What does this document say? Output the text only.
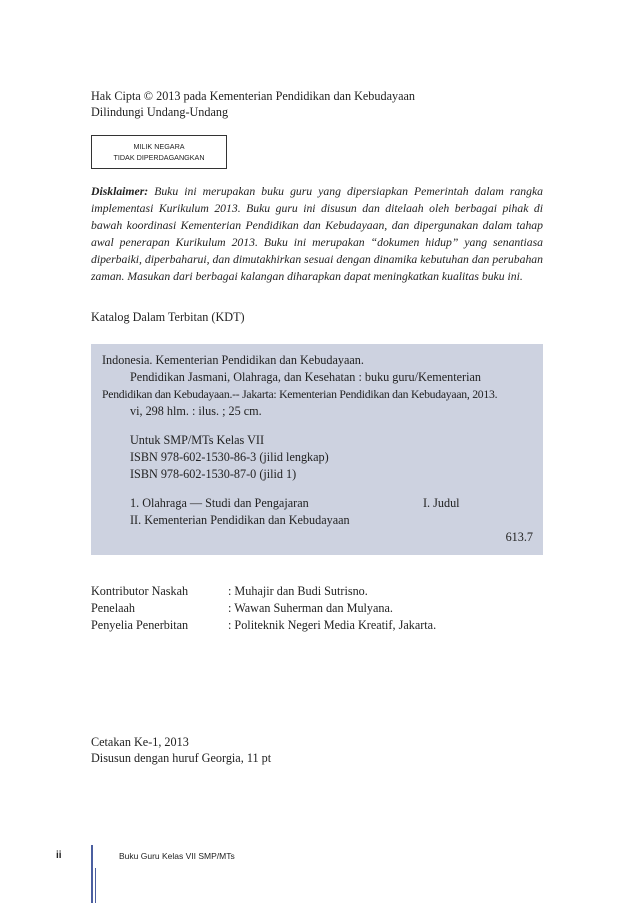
Hak Cipta © 2013 pada Kementerian Pendidikan dan Kebudayaan
Dilindungi Undang-Undang
MILIK NEGARA
TIDAK DIPERDAGANGKAN
Disklaimer: Buku ini merupakan buku guru yang dipersiapkan Pemerintah dalam rangka implementasi Kurikulum 2013. Buku guru ini disusun dan ditelaah oleh berbagai pihak di bawah koordinasi Kementerian Pendidikan dan Kebudayaan, dan dipergunakan dalam tahap awal penerapan Kurikulum 2013. Buku ini merupakan “dokumen hidup” yang senantiasa diperbaiki, diperbaharui, dan dimutakhirkan sesuai dengan dinamika kebutuhan dan perubahan zaman. Masukan dari berbagai kalangan diharapkan dapat meningkatkan kualitas buku ini.
Katalog Dalam Terbitan (KDT)
Indonesia. Kementerian Pendidikan dan Kebudayaan.
Pendidikan Jasmani, Olahraga, dan Kesehatan : buku guru/Kementerian
Pendidikan dan Kebudayaan.-- Jakarta: Kementerian Pendidikan dan Kebudayaan, 2013.
vi, 298 hlm. : ilus. ; 25 cm.
Untuk SMP/MTs Kelas VII
ISBN 978-602-1530-86-3 (jilid lengkap)
ISBN 978-602-1530-87-0 (jilid 1)
1. Olahraga — Studi dan Pengajaran	I. Judul
II. Kementerian Pendidikan dan Kebudayaan
613.7
Kontributor Naskah	: Muhajir dan Budi Sutrisno.
Penelaah	: Wawan Suherman dan Mulyana.
Penyelia Penerbitan	: Politeknik Negeri Media Kreatif, Jakarta.
Cetakan Ke-1, 2013
Disusun dengan huruf Georgia, 11 pt
ii	Buku Guru Kelas VII SMP/MTs
